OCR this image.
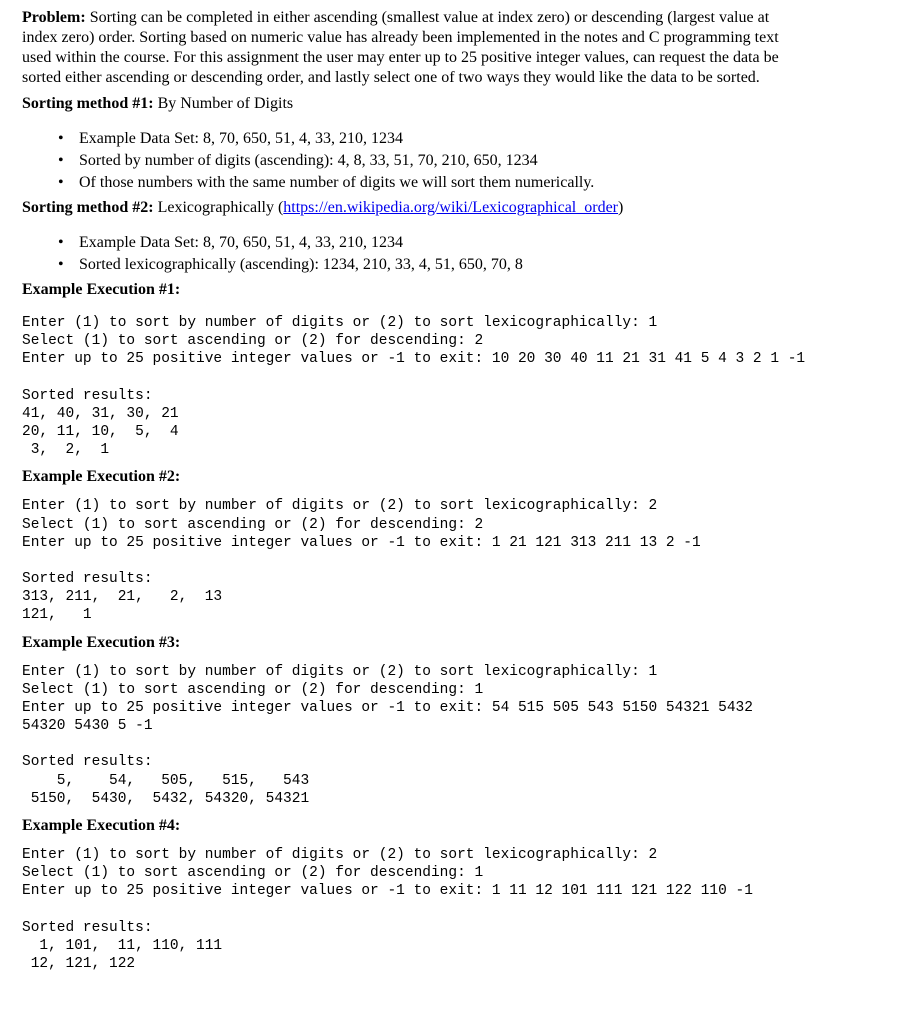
Problem: Sorting can be completed in either ascending (smallest value at index zero) or descending (largest value at
index zero) order. Sorting based on numeric value has already been implemented in the notes and C programming text
used within the course. For this assignment the user may enter up to 25 positive integer values, can request the data be
sorted either ascending or descending order, and lastly select one of two ways they would like the data to be sorted.

Sorting method #1: By Number of Digits

• Example Data Set: 8, 70, 650, 51, 4, 33, 210, 1234
• Sorted by number of digits (ascending): 4, 8, 33, 51, 70, 210, 650, 1234
• Of those numbers with the same number of digits we will sort them numerically.

Sorting method #2: Lexicographically (https://en.wikipedia.org/wiki/Lexicographical_order)

• Example Data Set: 8, 70, 650, 51, 4, 33, 210, 1234
• Sorted lexicographically (ascending): 1234, 210, 33, 4, 51, 650, 70, 8

Example Execution #1:

Enter (1) to sort by number of digits or (2) to sort lexicographically: 1
Select (1) to sort ascending or (2) for descending: 2
Enter up to 25 positive integer values or -1 to exit: 10 20 30 40 11 21 31 41 5 4 3 2 1 -1
Sorted results:
41, 40, 31, 30, 21
20, 11, 10,  5,  4
3,  2,  1

Example Execution #2:

Enter (1) to sort by number of digits or (2) to sort lexicographically: 2
Select (1) to sort ascending or (2) for descending: 2
Enter up to 25 positive integer values or -1 to exit: 1 21 121 313 211 13 2 -1
Sorted results:
313, 211,  21,   2,  13
121,   1

Example Execution #3:

Enter (1) to sort by number of digits or (2) to sort lexicographically: 1
Select (1) to sort ascending or (2) for descending: 1
Enter up to 25 positive integer values or -1 to exit: 54 515 505 543 5150 54321 5432
54320 5430 5 -1
Sorted results:
5,    54,   505,   515,   543
5150,  5430,  5432, 54320, 54321

Example Execution #4:

Enter (1) to sort by number of digits or (2) to sort lexicographically: 2
Select (1) to sort ascending or (2) for descending: 1
Enter up to 25 positive integer values or -1 to exit: 1 11 12 101 111 121 122 110 -1
Sorted results:
1, 101,  11, 110, 111
12, 121, 122
